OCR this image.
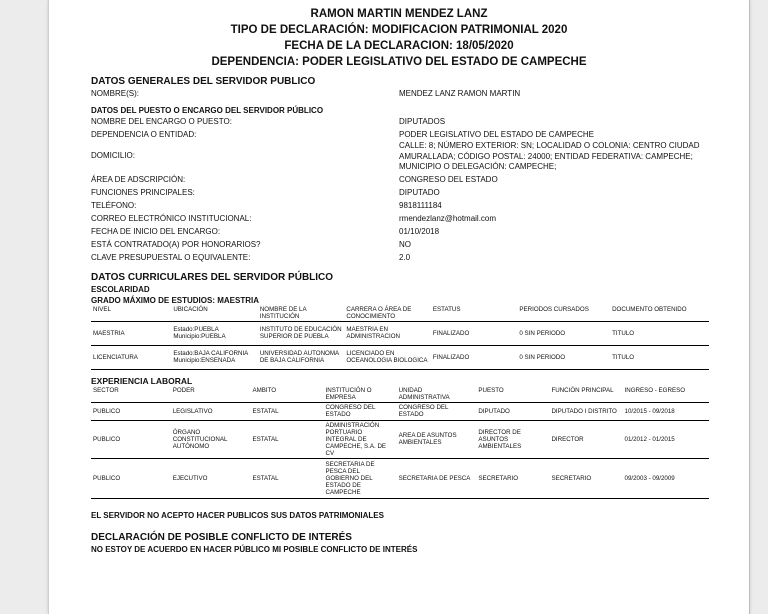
RAMON MARTIN MENDEZ LANZ
TIPO DE DECLARACIÓN: MODIFICACION PATRIMONIAL 2020
FECHA DE LA DECLARACION: 18/05/2020
DEPENDENCIA: PODER LEGISLATIVO DEL ESTADO DE CAMPECHE
DATOS GENERALES DEL SERVIDOR PUBLICO
NOMBRE(S):	MENDEZ LANZ RAMON MARTIN
DATOS DEL PUESTO O ENCARGO DEL SERVIDOR PÚBLICO
NOMBRE DEL ENCARGO O PUESTO:	DIPUTADOS
DEPENDENCIA O ENTIDAD:	PODER LEGISLATIVO DEL ESTADO DE CAMPECHE
DOMICILIO:
CALLE: 8; NÚMERO EXTERIOR: SN; LOCALIDAD O COLONIA: CENTRO CIUDAD AMURALLADA; CÓDIGO POSTAL: 24000; ENTIDAD FEDERATIVA: CAMPECHE; MUNICIPIO O DELEGACIÓN: CAMPECHE;
ÁREA DE ADSCRIPCIÓN:	CONGRESO DEL ESTADO
FUNCIONES PRINCIPALES:	DIPUTADO
TELÉFONO:	9818111184
CORREO ELECTRÓNICO INSTITUCIONAL:	rmendezlanz@hotmail.com
FECHA DE INICIO DEL ENCARGO:	01/10/2018
ESTÁ CONTRATADO(A) POR HONORARIOS?	NO
CLAVE PRESUPUESTAL O EQUIVALENTE:	2.0
DATOS CURRICULARES DEL SERVIDOR PÚBLICO
ESCOLARIDAD
GRADO MÁXIMO DE ESTUDIOS: MAESTRIA
NIVEL	UBICACIÓN	NOMBRE DE LA INSTITUCIÓN	CARRERA O ÁREA DE CONOCIMIENTO	ESTATUS	PERIODOS CURSADOS	DOCUMENTO OBTENIDO
MAESTRIA	Estado:PUEBLA Municipio:PUEBLA	INSTITUTO DE EDUCACIÓN SUPERIOR DE PUEBLA	MAESTRIA EN ADMINISTRACION	FINALIZADO	0 SIN PERIODO	TITULO
LICENCIATURA	Estado:BAJA CALIFORNIA Municipio:ENSENADA	UNIVERSIDAD AUTONOMA DE BAJA CALIFORNIA	LICENCIADO EN OCEANOLOGIA BIOLOGICA	FINALIZADO	0 SIN PERIODO	TITULO
EXPERIENCIA LABORAL
SECTOR	PODER	AMBITO	INSTITUCIÓN O EMPRESA	UNIDAD ADMINISTRATIVA	PUESTO	FUNCIÓN PRINCIPAL	INGRESO - EGRESO
PUBLICO	LEGISLATIVO	ESTATAL	CONGRESO DEL ESTADO	CONGRESO DEL ESTADO	DIPUTADO	DIPUTADO I DISTRITO	10/2015 - 09/2018
PUBLICO	ÓRGANO CONSTITUCIONAL AUTÓNOMO	ESTATAL	ADMINISTRACIÓN PORTUARIO INTEGRAL DE CAMPECHE, S.A. DE CV	AREA DE ASUNTOS AMBIENTALES	DIRECTOR DE ASUNTOS AMBIENTALES	DIRECTOR	01/2012 - 01/2015
PUBLICO	EJECUTIVO	ESTATAL	SECRETARIA DE PESCA DEL GOBIERNO DEL ESTADO DE CAMPECHE	SECRETARIA DE PESCA	SECRETARIO	SECRETARIO	09/2003 - 09/2009
EL SERVIDOR NO ACEPTO HACER PUBLICOS SUS DATOS PATRIMONIALES
DECLARACIÓN DE POSIBLE CONFLICTO DE INTERÉS
NO ESTOY DE ACUERDO EN HACER PÚBLICO MI POSIBLE CONFLICTO DE INTERÉS
